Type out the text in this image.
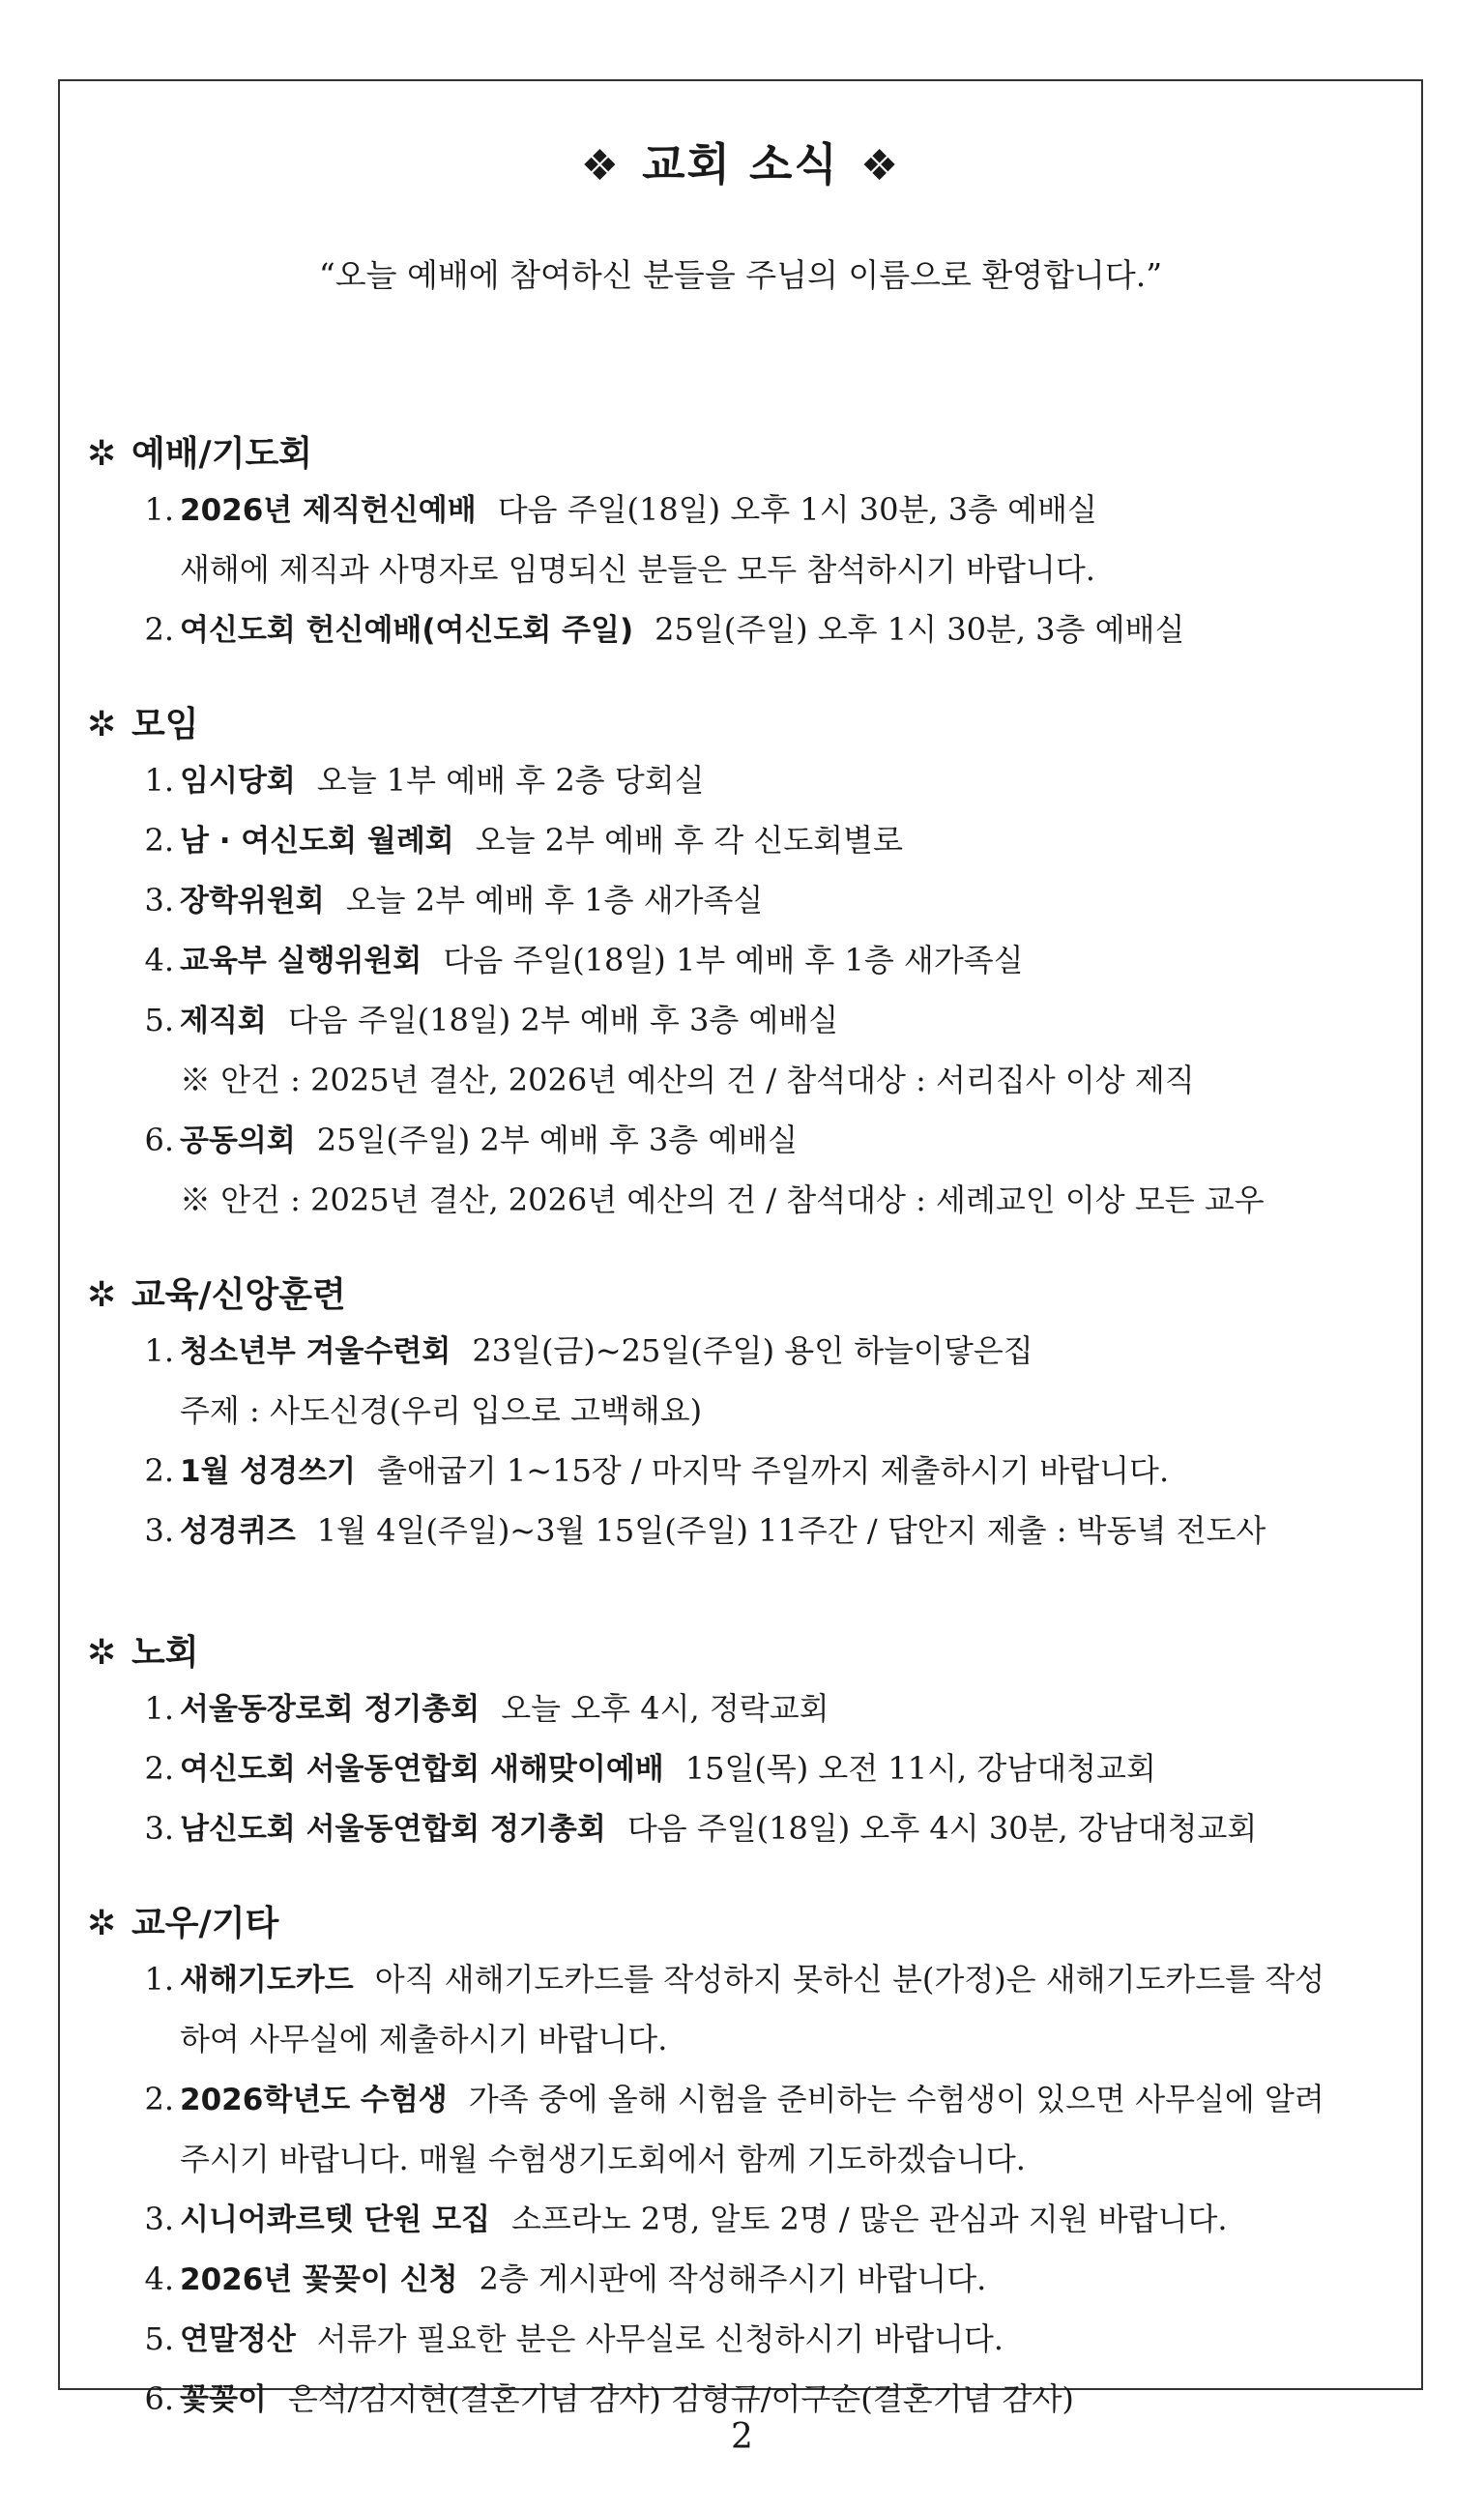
❖ 교회 소식 ❖
“오늘 예배에 참여하신 분들을 주님의 이름으로 환영합니다.”
✲ 예배/기도회
1. 2026년 제직헌신예배 다음 주일(18일) 오후 1시 30분, 3층 예배실
새해에 제직과 사명자로 임명되신 분들은 모두 참석하시기 바랍니다.
2. 여신도회 헌신예배(여신도회 주일) 25일(주일) 오후 1시 30분, 3층 예배실
✲ 모임
1. 임시당회 오늘 1부 예배 후 2층 당회실
2. 남 · 여신도회 월례회 오늘 2부 예배 후 각 신도회별로
3. 장학위원회 오늘 2부 예배 후 1층 새가족실
4. 교육부 실행위원회 다음 주일(18일) 1부 예배 후 1층 새가족실
5. 제직회 다음 주일(18일) 2부 예배 후 3층 예배실
※ 안건 : 2025년 결산, 2026년 예산의 건 / 참석대상 : 서리집사 이상 제직
6. 공동의회 25일(주일) 2부 예배 후 3층 예배실
※ 안건 : 2025년 결산, 2026년 예산의 건 / 참석대상 : 세례교인 이상 모든 교우
✲ 교육/신앙훈련
1. 청소년부 겨울수련회 23일(금)~25일(주일) 용인 하늘이닿은집
주제 : 사도신경(우리 입으로 고백해요)
2. 1월 성경쓰기 출애굽기 1~15장 / 마지막 주일까지 제출하시기 바랍니다.
3. 성경퀴즈 1월 4일(주일)~3월 15일(주일) 11주간 / 답안지 제출 : 박동녘 전도사
✲ 노회
1. 서울동장로회 정기총회 오늘 오후 4시, 정락교회
2. 여신도회 서울동연합회 새해맞이예배 15일(목) 오전 11시, 강남대청교회
3. 남신도회 서울동연합회 정기총회 다음 주일(18일) 오후 4시 30분, 강남대청교회
✲ 교우/기타
1. 새해기도카드 아직 새해기도카드를 작성하지 못하신 분(가정)은 새해기도카드를 작성
하여 사무실에 제출하시기 바랍니다.
2. 2026학년도 수험생 가족 중에 올해 시험을 준비하는 수험생이 있으면 사무실에 알려
주시기 바랍니다. 매월 수험생기도회에서 함께 기도하겠습니다.
3. 시니어콰르텟 단원 모집 소프라노 2명, 알토 2명 / 많은 관심과 지원 바랍니다.
4. 2026년 꽃꽂이 신청 2층 게시판에 작성해주시기 바랍니다.
5. 연말정산 서류가 필요한 분은 사무실로 신청하시기 바랍니다.
6. 꽃꽂이 은석/김지현(결혼기념 감사) 김형규/이구순(결혼기념 감사)
2
